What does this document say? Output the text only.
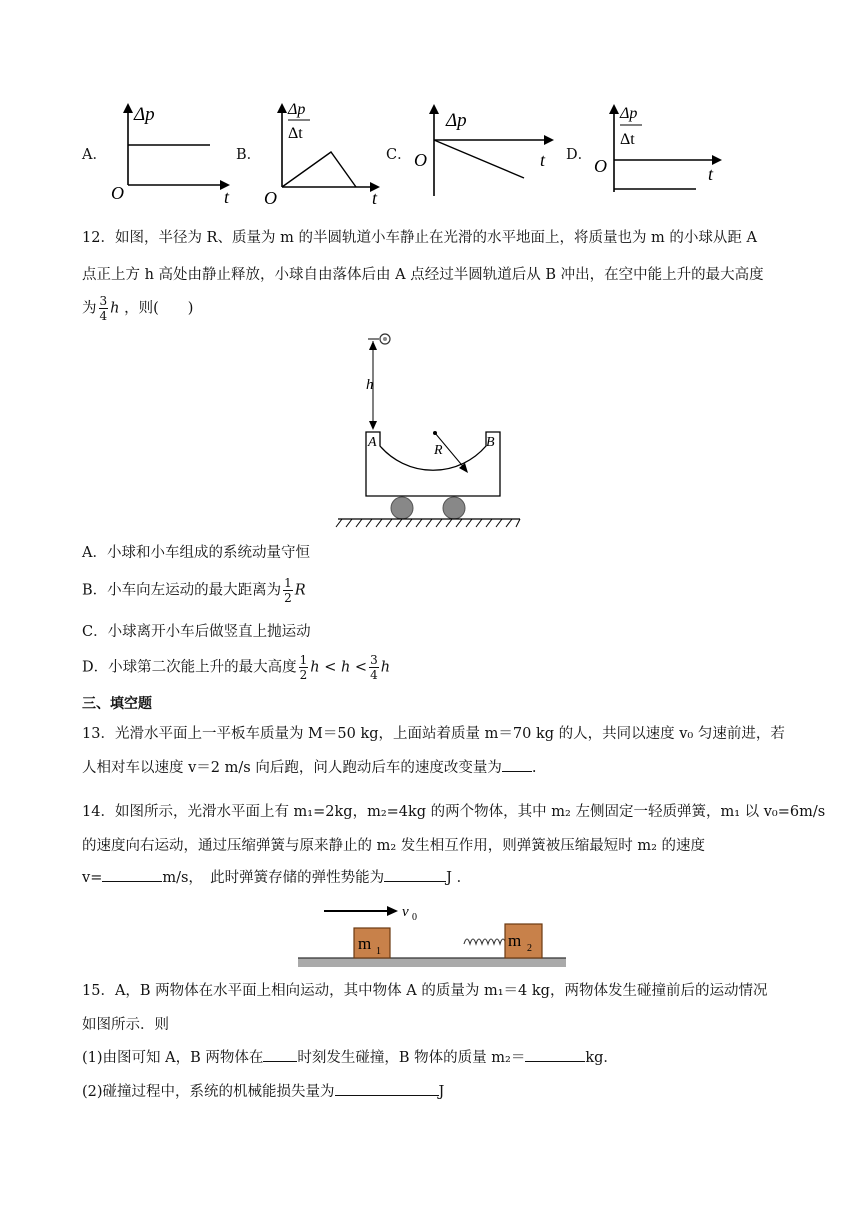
A．
Δp
O	t
B．
Δp
Δt
O	t
C．
Δp
O	t D．
Δp
Δt
O	t
12．如图，半径为 R、质量为 m 的半圆轨道小车静止在光滑的水平地面上，将质量也为 m 的小球从距 A
点正上方 h 高处由静止释放，小球自由落体后由 A 点经过半圆轨道后从 B 冲出，在空中能上升的最大高度
为 $\frac{3}{4}$ h ，则(　　)
h
A	B
R
A．小球和小车组成的系统动量守恒
B．小车向左运动的最大距离为 $\frac{1}{2}$ R
C．小球离开小车后做竖直上抛运动
D．小球第二次能上升的最大高度 $\frac{1}{2}$ $h < h < \frac{3}{4}$ h
三、填空题
13．光滑水平面上一平板车质量为 M＝50 kg，上面站着质量 m＝70 kg 的人，共同以速度 v₀ 匀速前进，若
人相对车以速度 v＝2 m/s 向后跑，问人跑动后车的速度改变量为 .
14．如图所示，光滑水平面上有 m₁=2kg，m₂=4kg 的两个物体，其中 m₂ 左侧固定一轻质弹簧，m₁ 以 v₀=6m/s
的速度向右运动，通过压缩弹簧与原来静止的 m₂ 发生相互作用，则弹簧被压缩最短时 m₂ 的速度
v=	m/s，　此时弹簧存储的弹性势能为	J ．
v 0
m 1
m 2
15．A，B 两物体在水平面上相向运动，其中物体 A 的质量为 m₁＝4 kg，两物体发生碰撞前后的运动情况
如图所示．则
(1)由图可知 A，B 两物体在 时刻发生碰撞，B 物体的质量 m₂＝	kg．
(2)碰撞过程中，系统的机械能损失量为	J
